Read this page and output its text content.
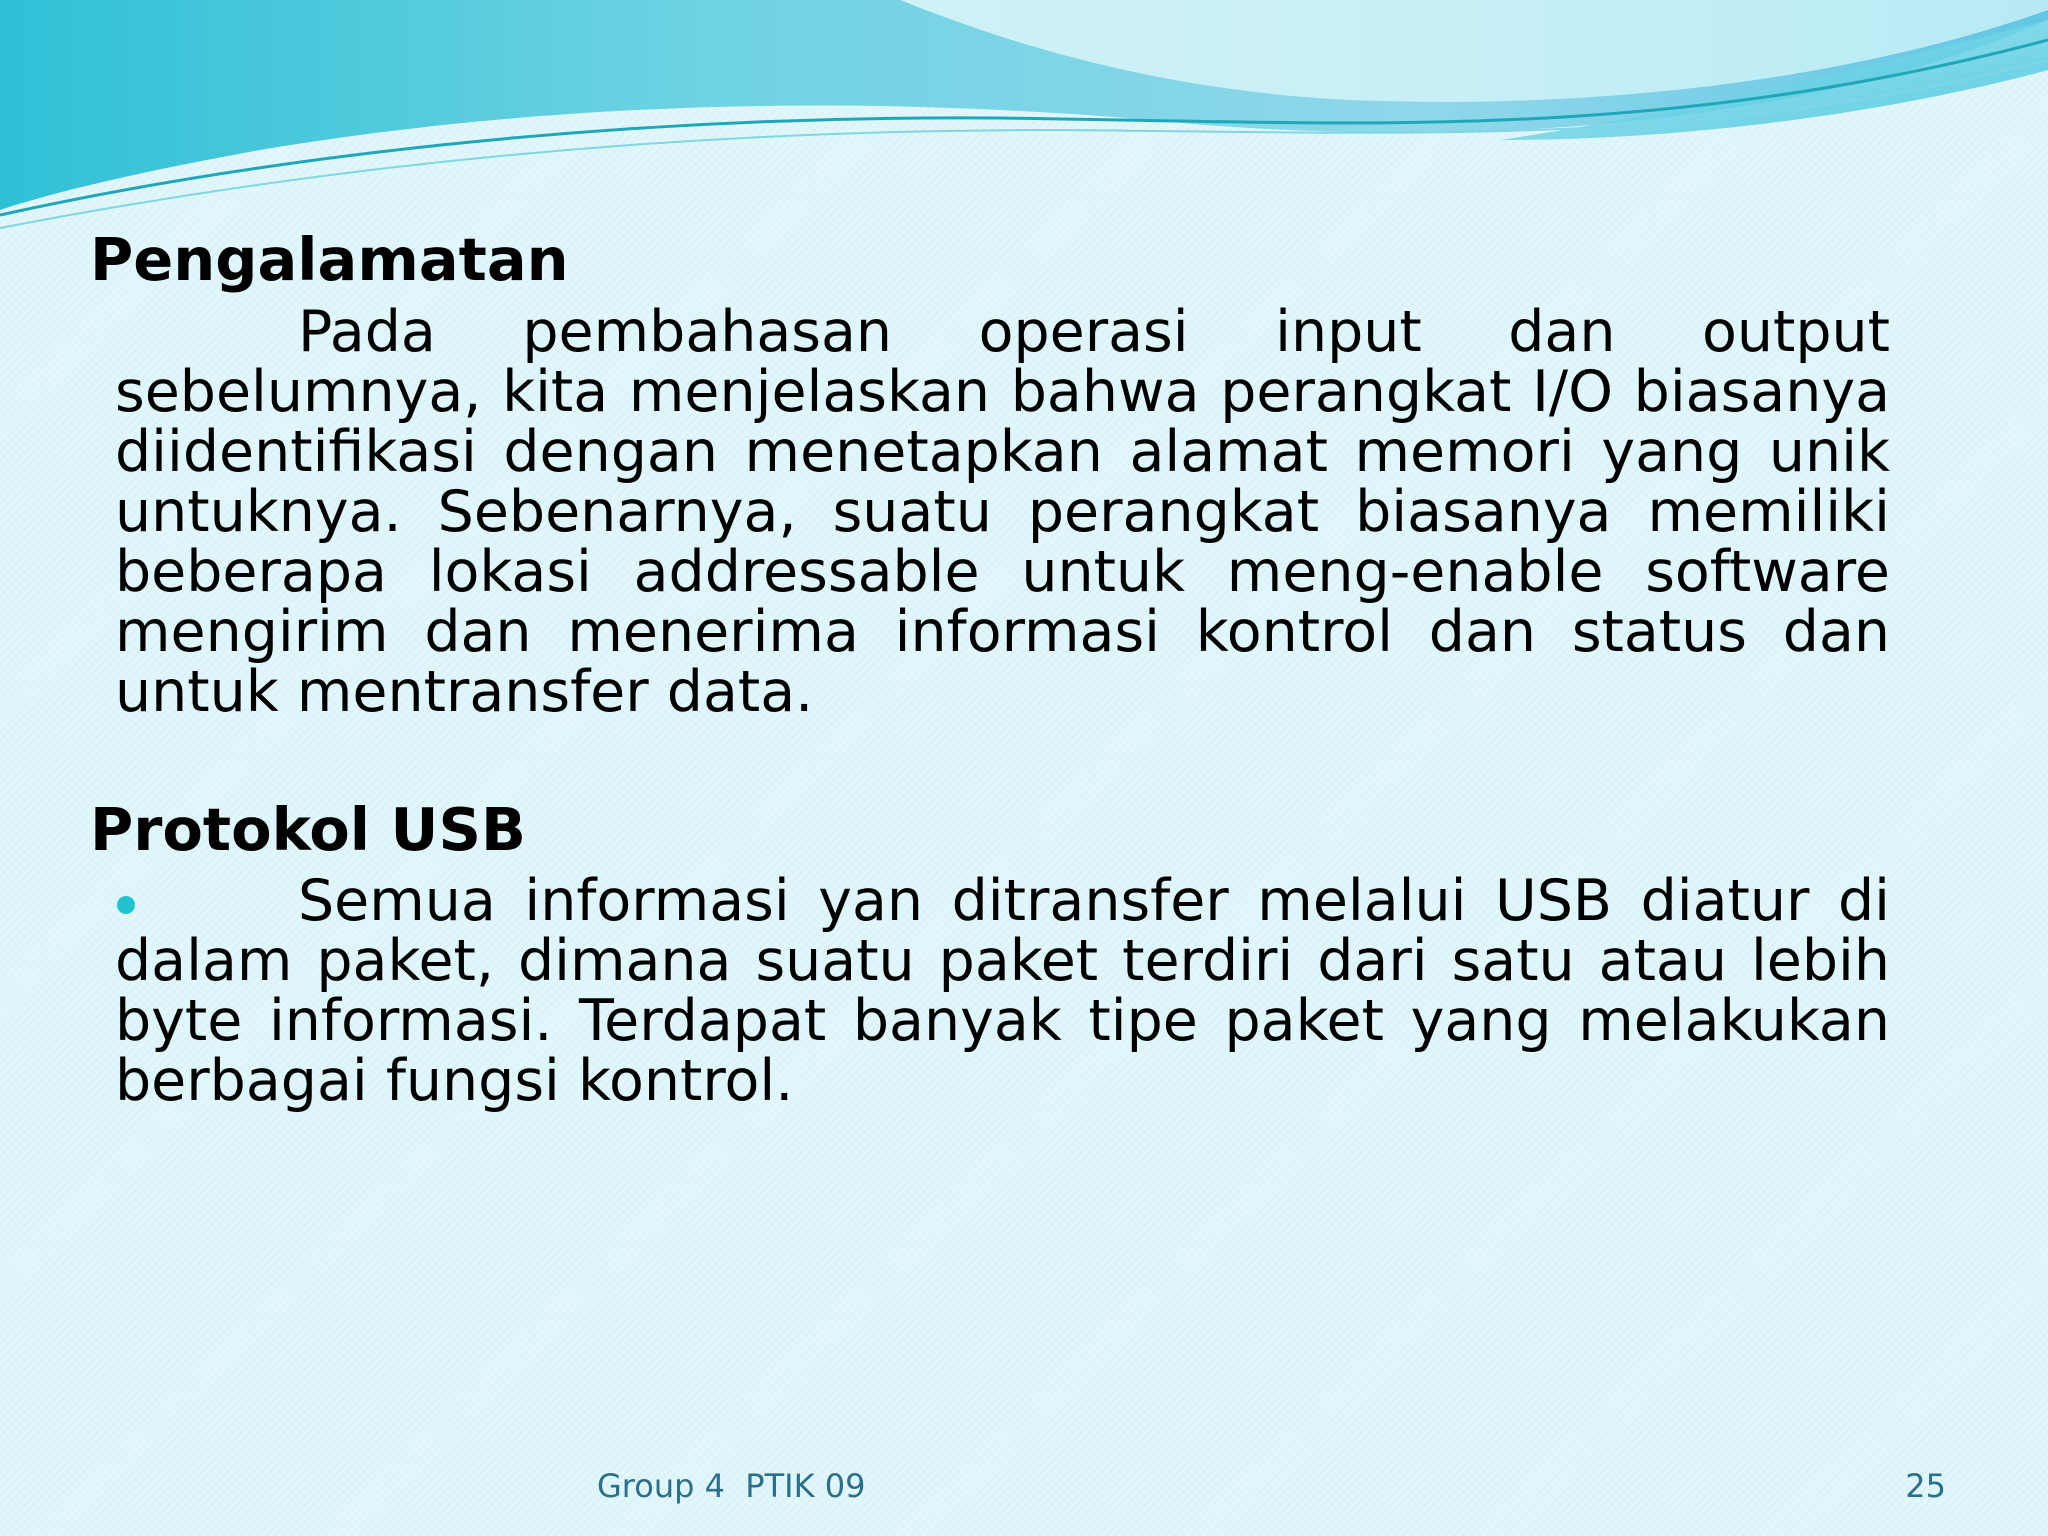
Pengalamatan

Pada pembahasan operasi input dan output sebelumnya, kita menjelaskan bahwa perangkat I/O biasanya diidentifikasi dengan menetapkan alamat memori yang unik untuknya. Sebenarnya, suatu perangkat biasanya memiliki beberapa lokasi addressable untuk meng-enable software mengirim dan menerima informasi kontrol dan status dan untuk mentransfer data.

Protokol USB

Semua informasi yan ditransfer melalui USB diatur di dalam paket, dimana suatu paket terdiri dari satu atau lebih byte informasi. Terdapat banyak tipe paket yang melakukan berbagai fungsi kontrol.

Group 4  PTIK 09	25
